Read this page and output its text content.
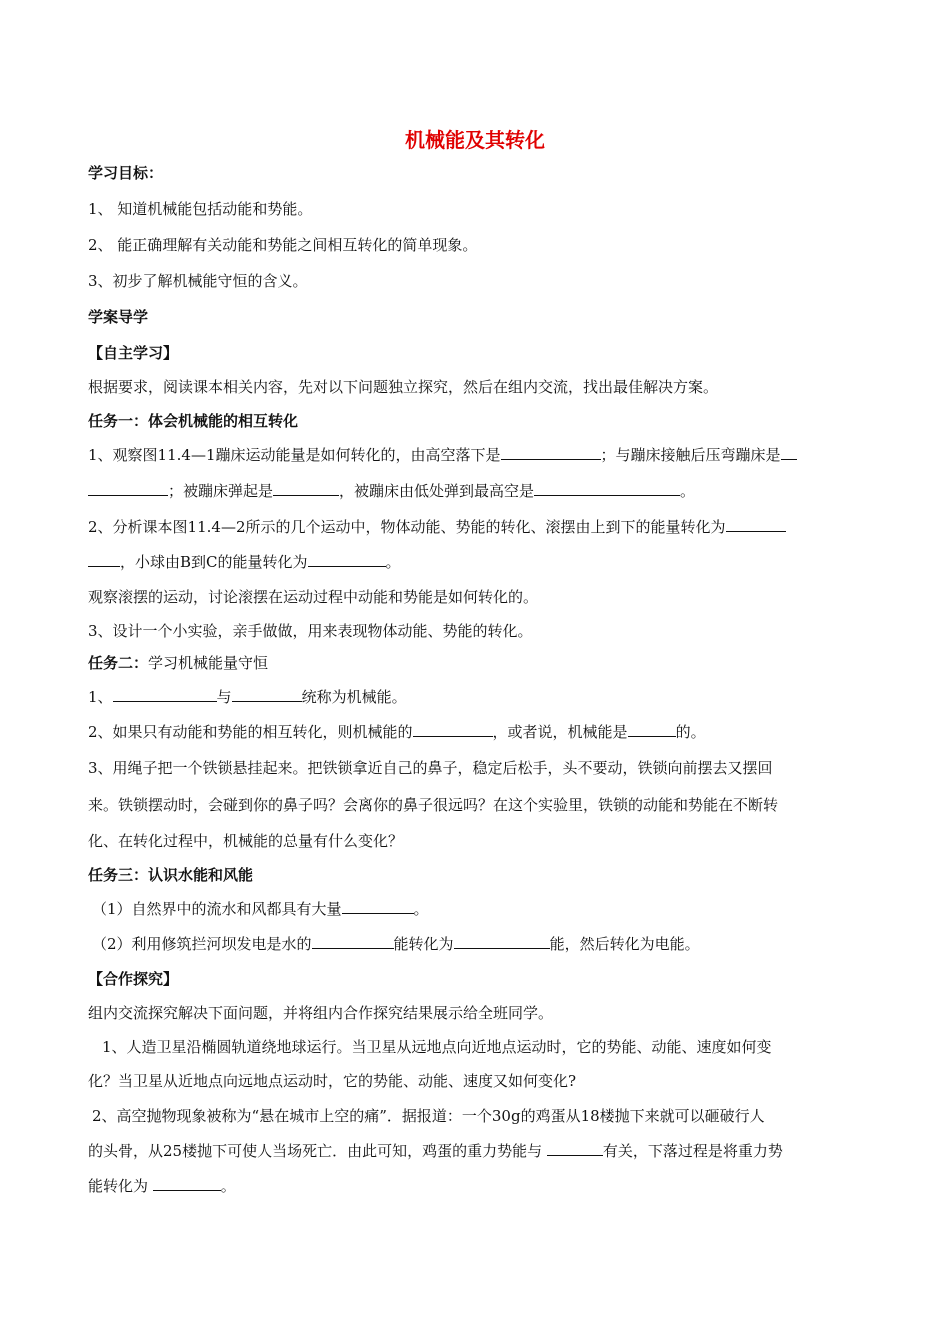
机械能及其转化

学习目标：

1、 知道机械能包括动能和势能。

2、 能正确理解有关动能和势能之间相互转化的简单现象。

3、初步了解机械能守恒的含义。

学案导学

【自主学习】

根据要求，阅读课本相关内容，先对以下问题独立探究，然后在组内交流，找出最佳解决方案。

任务一：体会机械能的相互转化

1、观察图11.4—1蹦床运动能量是如何转化的，由高空落下是	；与蹦床接触后压弯蹦床是

；被蹦床弹起是	，被蹦床由低处弹到最高空是	。

2、分析课本图11.4—2所示的几个运动中，物体动能、势能的转化、滚摆由上到下的能量转化为

，小球由B到C的能量转化为	。

观察滚摆的运动，讨论滚摆在运动过程中动能和势能是如何转化的。

3、设计一个小实验，亲手做做，用来表现物体动能、势能的转化。

任务二：学习机械能量守恒

1、	与	统称为机械能。

2、如果只有动能和势能的相互转化，则机械能的	，或者说，机械能是	的。

3、用绳子把一个铁锁悬挂起来。把铁锁拿近自己的鼻子，稳定后松手，头不要动，铁锁向前摆去又摆回

来。铁锁摆动时，会碰到你的鼻子吗？会离你的鼻子很远吗？在这个实验里，铁锁的动能和势能在不断转

化、在转化过程中，机械能的总量有什么变化？

任务三：认识水能和风能

（1）自然界中的流水和风都具有大量	。

（2）利用修筑拦河坝发电是水的	能转化为	能，然后转化为电能。

【合作探究】

组内交流探究解决下面问题，并将组内合作探究结果展示给全班同学。

1、人造卫星沿椭圆轨道绕地球运行。当卫星从远地点向近地点运动时，它的势能、动能、速度如何变

化？当卫星从近地点向远地点运动时，它的势能、动能、速度又如何变化?

2、高空抛物现象被称为“悬在城市上空的痛”．据报道：一个30g的鸡蛋从18楼抛下来就可以砸破行人

的头骨，从25楼抛下可使人当场死亡．由此可知，鸡蛋的重力势能与	有关，下落过程是将重力势

能转化为	。
